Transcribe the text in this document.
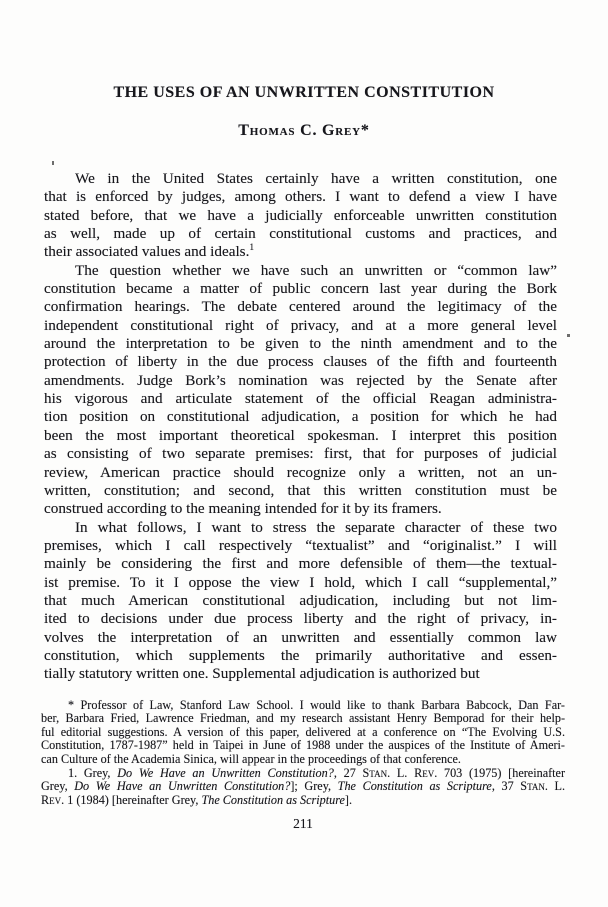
THE USES OF AN UNWRITTEN CONSTITUTION
Thomas C. Grey*
We in the United States certainly have a written constitution, one
that is enforced by judges, among others. I want to defend a view I have
stated before, that we have a judicially enforceable unwritten constitution
as well, made up of certain constitutional customs and practices, and
their associated values and ideals.$^1$
The question whether we have such an unwritten or “common law”
constitution became a matter of public concern last year during the Bork
confirmation hearings. The debate centered around the legitimacy of the
independent constitutional right of privacy, and at a more general level
around the interpretation to be given to the ninth amendment and to the
protection of liberty in the due process clauses of the fifth and fourteenth
amendments. Judge Bork’s nomination was rejected by the Senate after
his vigorous and articulate statement of the official Reagan administra-
tion position on constitutional adjudication, a position for which he had
been the most important theoretical spokesman. I interpret this position
as consisting of two separate premises: first, that for purposes of judicial
review, American practice should recognize only a written, not an un-
written, constitution; and second, that this written constitution must be
construed according to the meaning intended for it by its framers.
In what follows, I want to stress the separate character of these two
premises, which I call respectively “textualist” and “originalist.” I will
mainly be considering the first and more defensible of them—the textual-
ist premise. To it I oppose the view I hold, which I call “supplemental,”
that much American constitutional adjudication, including but not lim-
ited to decisions under due process liberty and the right of privacy, in-
volves the interpretation of an unwritten and essentially common law
constitution, which supplements the primarily authoritative and essen-
tially statutory written one. Supplemental adjudication is authorized but
* Professor of Law, Stanford Law School. I would like to thank Barbara Babcock, Dan Far-
ber, Barbara Fried, Lawrence Friedman, and my research assistant Henry Bemporad for their help-
ful editorial suggestions. A version of this paper, delivered at a conference on “The Evolving U.S.
Constitution, 1787-1987” held in Taipei in June of 1988 under the auspices of the Institute of Ameri-
can Culture of the Academia Sinica, will appear in the proceedings of that conference.
1. Grey, Do We Have an Unwritten Constitution?, 27 Stan. L. Rev. 703 (1975) [hereinafter
Grey, Do We Have an Unwritten Constitution?]; Grey, The Constitution as Scripture, 37 Stan. L.
Rev. 1 (1984) [hereinafter Grey, The Constitution as Scripture].
211
